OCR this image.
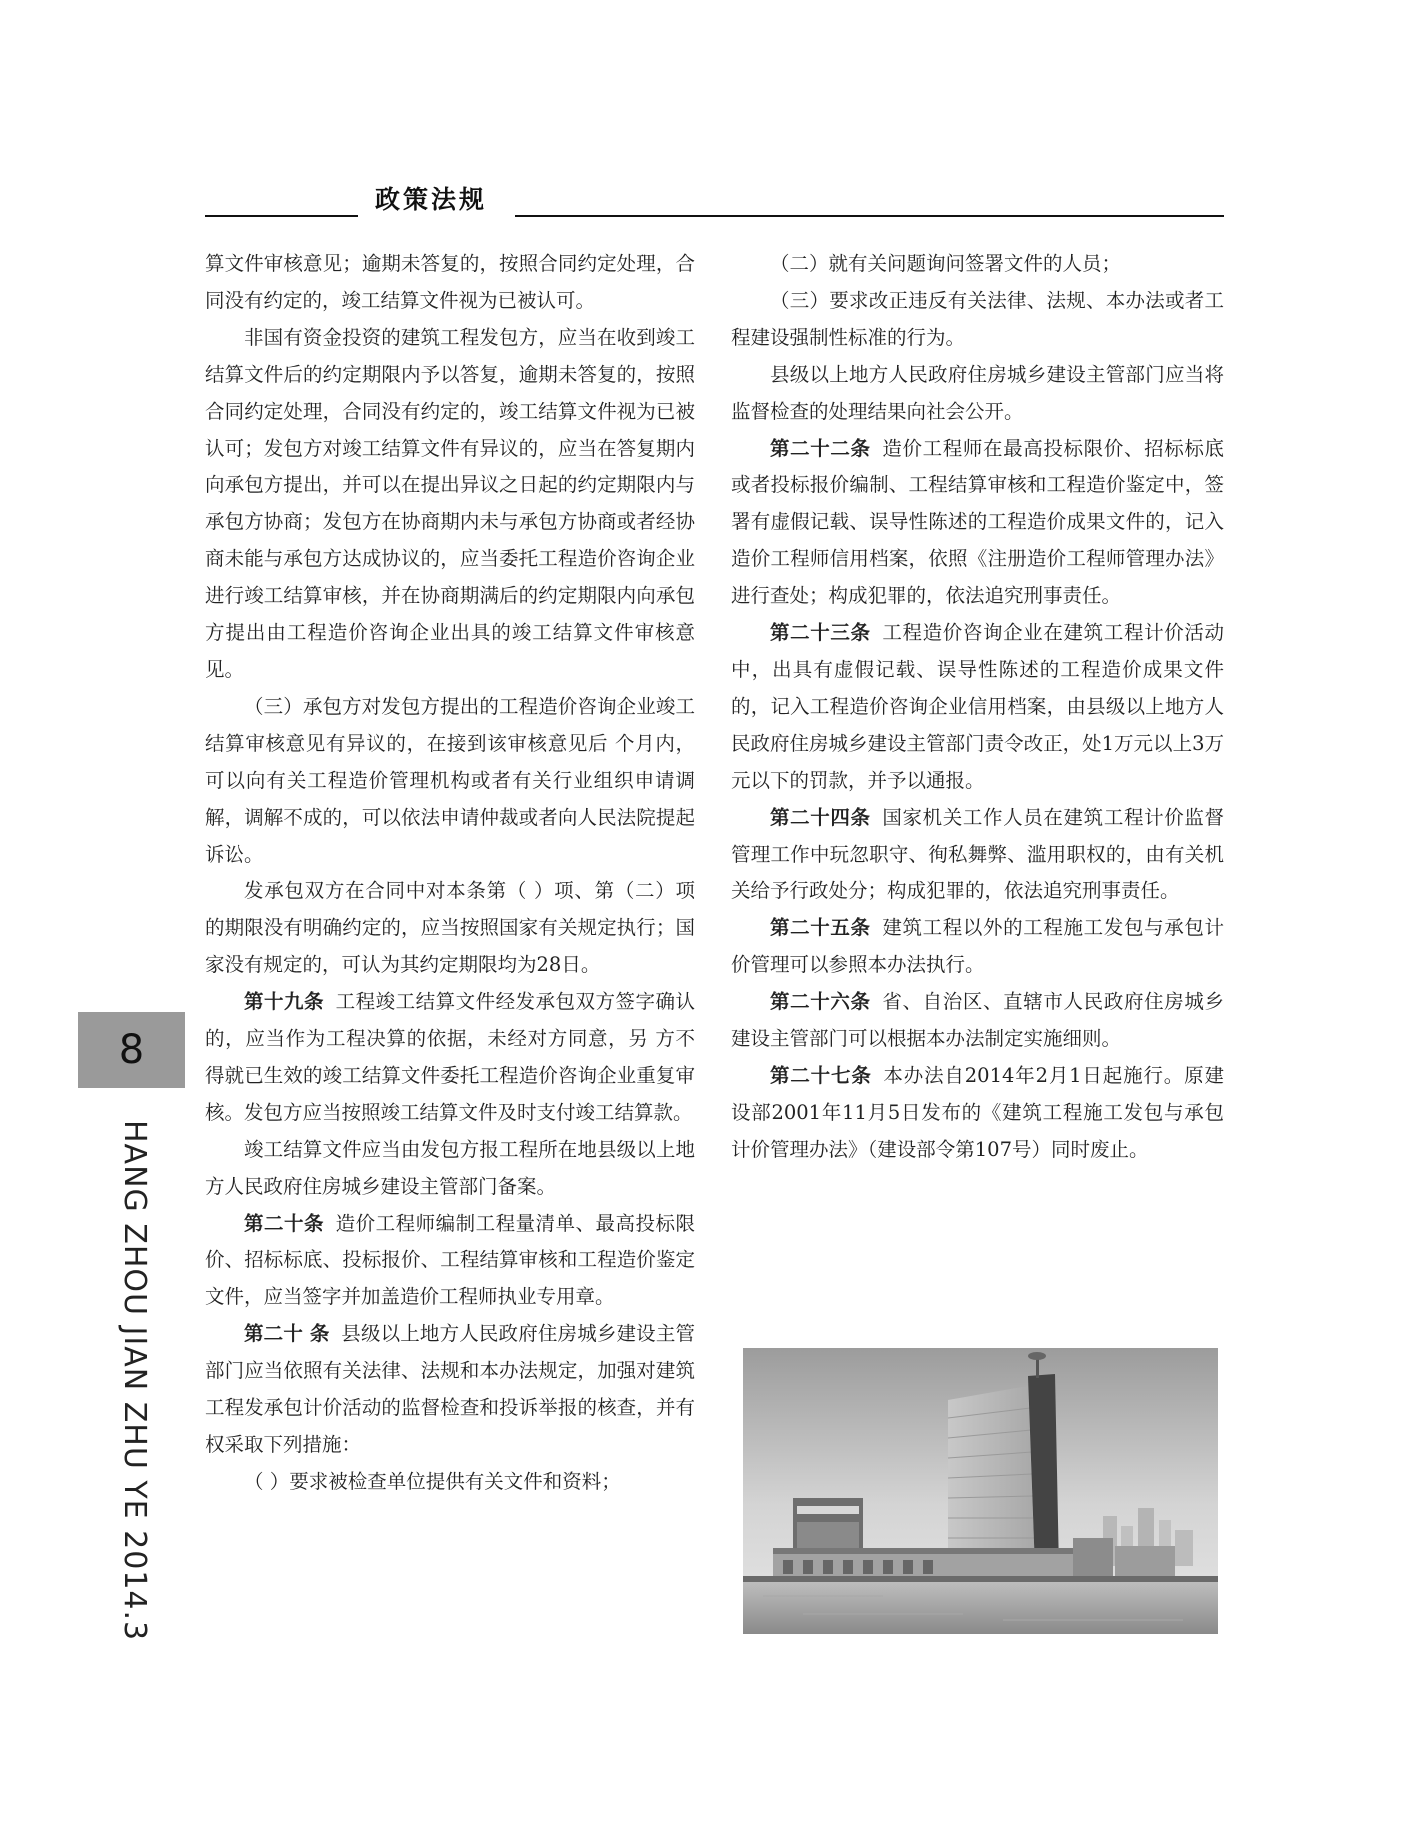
政策法规

算文件审核意见；逾期未答复的，按照合同约定处理，合同没有约定的，竣工结算文件视为已被认可。

非国有资金投资的建筑工程发包方，应当在收到竣工结算文件后的约定期限内予以答复，逾期未答复的，按照合同约定处理，合同没有约定的，竣工结算文件视为已被认可；发包方对竣工结算文件有异议的，应当在答复期内向承包方提出，并可以在提出异议之日起的约定期限内与承包方协商；发包方在协商期内未与承包方协商或者经协商未能与承包方达成协议的，应当委托工程造价咨询企业进行竣工结算审核，并在协商期满后的约定期限内向承包方提出由工程造价咨询企业出具的竣工结算文件审核意见。

（三）承包方对发包方提出的工程造价咨询企业竣工结算审核意见有异议的，在接到该审核意见后 个月内，可以向有关工程造价管理机构或者有关行业组织申请调解，调解不成的，可以依法申请仲裁或者向人民法院提起诉讼。

发承包双方在合同中对本条第（ ）项、第（二）项的期限没有明确约定的，应当按照国家有关规定执行；国家没有规定的，可认为其约定期限均为28日。

第十九条 工程竣工结算文件经发承包双方签字确认的，应当作为工程决算的依据，未经对方同意，另 方不得就已生效的竣工结算文件委托工程造价咨询企业重复审核。发包方应当按照竣工结算文件及时支付竣工结算款。

竣工结算文件应当由发包方报工程所在地县级以上地方人民政府住房城乡建设主管部门备案。

第二十条 造价工程师编制工程量清单、最高投标限价、招标标底、投标报价、工程结算审核和工程造价鉴定文件，应当签字并加盖造价工程师执业专用章。

第二十 条 县级以上地方人民政府住房城乡建设主管部门应当依照有关法律、法规和本办法规定，加强对建筑工程发承包计价活动的监督检查和投诉举报的核查，并有权采取下列措施：

（ ）要求被检查单位提供有关文件和资料；

（二）就有关问题询问签署文件的人员；

（三）要求改正违反有关法律、法规、本办法或者工程建设强制性标准的行为。

县级以上地方人民政府住房城乡建设主管部门应当将监督检查的处理结果向社会公开。

第二十二条 造价工程师在最高投标限价、招标标底或者投标报价编制、工程结算审核和工程造价鉴定中，签署有虚假记载、误导性陈述的工程造价成果文件的，记入造价工程师信用档案，依照《注册造价工程师管理办法》进行查处；构成犯罪的，依法追究刑事责任。

第二十三条 工程造价咨询企业在建筑工程计价活动中，出具有虚假记载、误导性陈述的工程造价成果文件的，记入工程造价咨询企业信用档案，由县级以上地方人民政府住房城乡建设主管部门责令改正，处1万元以上3万元以下的罚款，并予以通报。

第二十四条 国家机关工作人员在建筑工程计价监督管理工作中玩忽职守、徇私舞弊、滥用职权的，由有关机关给予行政处分；构成犯罪的，依法追究刑事责任。

第二十五条 建筑工程以外的工程施工发包与承包计价管理可以参照本办法执行。

第二十六条 省、自治区、直辖市人民政府住房城乡建设主管部门可以根据本办法制定实施细则。

第二十七条 本办法自2014年2月1日起施行。原建设部2001年11月5日发布的《建筑工程施工发包与承包计价管理办法》（建设部令第107号）同时废止。

8
HANG ZHOU JIAN ZHU YE 2014.3
